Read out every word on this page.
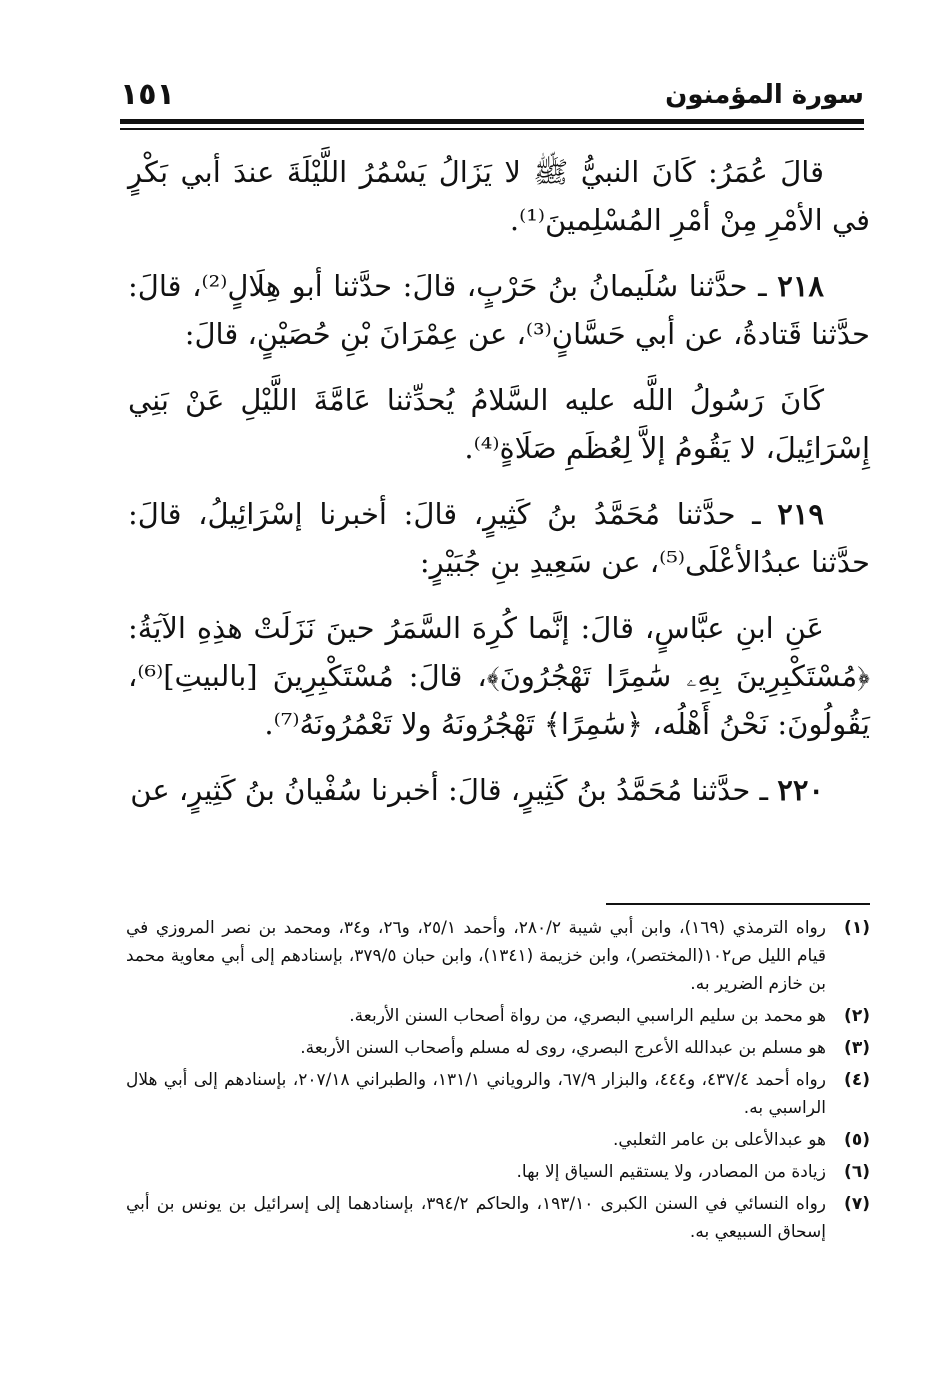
سورة المؤمنون
١٥١

قالَ عُمَرُ: كَانَ النبيُّ ﷺ لا يَزَالُ يَسْمُرُ اللَّيْلَةَ عندَ أبي بَكْرٍ في الأمْرِ مِنْ أمْرِ المُسْلِمينَ⁽¹⁾.

٢١٨ ـ حدَّثنا سُلَيمانُ بنُ حَرْبٍ، قالَ: حدَّثنا أبو هِلَالٍ⁽²⁾، قالَ: حدَّثنا قَتادةُ، عن أبي حَسَّانٍ⁽³⁾، عن عِمْرَانَ بْنِ حُصَيْنٍ، قالَ:

كَانَ رَسُولُ اللَّه عليه السَّلامُ يُحدِّثنا عَامَّةَ اللَّيْلِ عَنْ بَنِي إِسْرَائِيلَ، لا يَقُومُ إلاَّ لِعُظَمِ صَلَاةٍ⁽⁴⁾.

٢١٩ ـ حدَّثنا مُحَمَّدُ بنُ كَثِيرٍ، قالَ: أخبرنا إسْرَائِيلُ، قالَ: حدَّثنا عبدُالأعْلَى⁽⁵⁾، عن سَعِيدِ بنِ جُبَيْرٍ:

عَنِ ابنِ عبَّاسٍ، قالَ: إنَّما كُرِهَ السَّمَرُ حينَ نَزَلَتْ هذِهِ الآيَةُ: ﴿مُسْتَكْبِرِينَ بِهِۦ سَٰمِرًا تَهْجُرُونَ﴾، قالَ: مُسْتَكْبِرِينَ [بالبيتِ]⁽⁶⁾، يَقُولُونَ: نَحْنُ أَهْلُه، ﴿سَٰمِرًا﴾ تَهْجُرُونَهُ ولا تَعْمُرُونَهُ⁽⁷⁾.

٢٢٠ ـ حدَّثنا مُحَمَّدُ بنُ كَثِيرٍ، قالَ: أخبرنا سُفْيانُ بنُ كَثِيرٍ، عن

(١)
رواه الترمذي (١٦٩)، وابن أبي شيبة ٢٨٠/٢، وأحمد ٢٥/١، و٢٦، و٣٤، ومحمد بن نصر المروزي في قيام الليل ص١٠٢(المختصر)، وابن خزيمة (١٣٤١)، وابن حبان ٣٧٩/٥، بإسنادهم إلى أبي معاوية محمد بن خازم الضرير به.
(٢)
هو محمد بن سليم الراسبي البصري، من رواة أصحاب السنن الأربعة.
(٣)
هو مسلم بن عبدالله الأعرج البصري، روى له مسلم وأصحاب السنن الأربعة.
(٤)
رواه أحمد ٤٣٧/٤، و٤٤٤، والبزار ٦٧/٩، والروياني ١٣١/١، والطبراني ٢٠٧/١٨، بإسنادهم إلى أبي هلال الراسبي به.
(٥)
هو عبدالأعلى بن عامر الثعلبي.
(٦)
زيادة من المصادر، ولا يستقيم السياق إلا بها.
(٧)
رواه النسائي في السنن الكبرى ١٩٣/١٠، والحاكم ٣٩٤/٢، بإسنادهما إلى إسرائيل بن يونس بن أبي إسحاق السبيعي به.
